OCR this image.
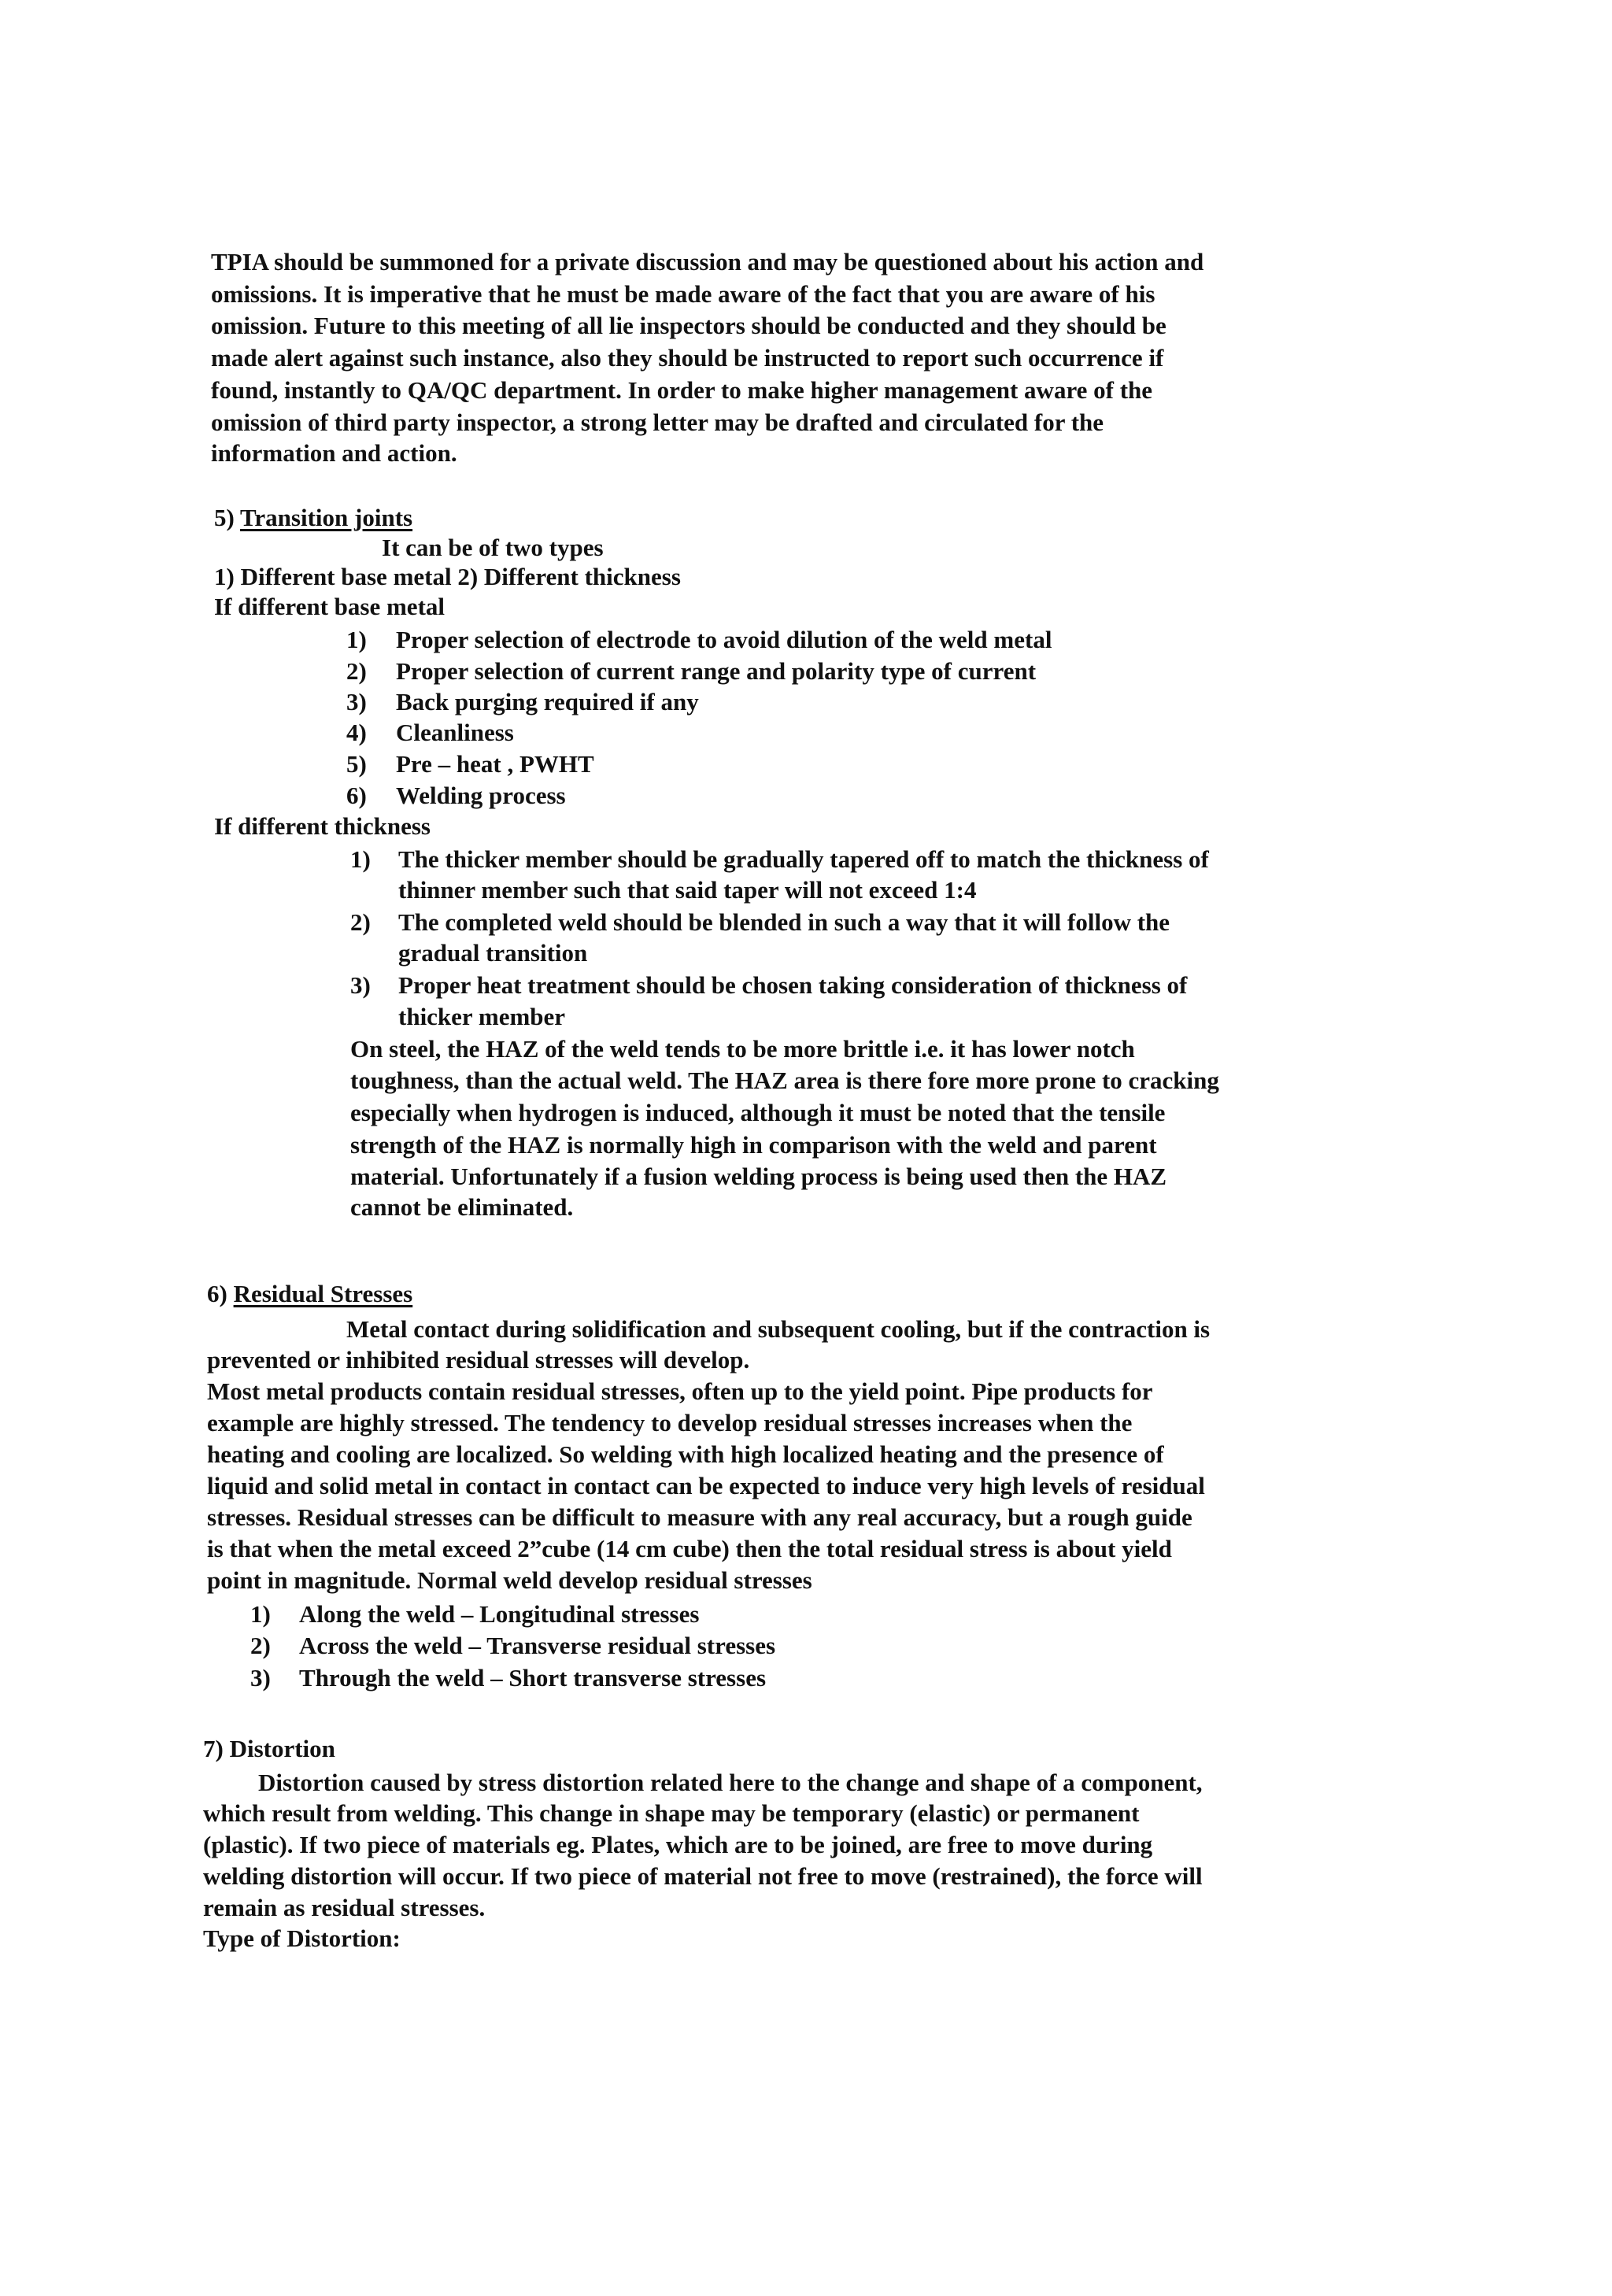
TPIA should be summoned for a private discussion and may be questioned about his action and
omissions. It is imperative that he must be made aware of the fact that you are aware of his
omission. Future to this meeting of all lie inspectors should be conducted and they should be
made alert against such instance, also they should be instructed to report such occurrence if
found, instantly to QA/QC department. In order to make higher management aware of the
omission of third party inspector, a strong letter may be drafted and circulated for the
information and action.
5) Transition joints
It can be of two types
1) Different base metal 2) Different thickness
If different base metal
1) Proper selection of electrode to avoid dilution of the weld metal
2) Proper selection of current range and polarity type of current
3) Back purging required if any
4) Cleanliness
5) Pre – heat , PWHT
6) Welding process
If different thickness
1) The thicker member should be gradually tapered off to match the thickness of
thinner member such that said taper will not exceed 1:4
2) The completed weld should be blended in such a way that it will follow the
gradual transition
3) Proper heat treatment should be chosen taking consideration of thickness of
thicker member
On steel, the HAZ of the weld tends to be more brittle i.e. it has lower notch
toughness, than the actual weld. The HAZ area is there fore more prone to cracking
especially when hydrogen is induced, although it must be noted that the tensile
strength of the HAZ is normally high in comparison with the weld and parent
material. Unfortunately if a fusion welding process is being used then the HAZ
cannot be eliminated.
6) Residual Stresses
Metal contact during solidification and subsequent cooling, but if the contraction is
prevented or inhibited residual stresses will develop.
Most metal products contain residual stresses, often up to the yield point. Pipe products for
example are highly stressed. The tendency to develop residual stresses increases when the
heating and cooling are localized. So welding with high localized heating and the presence of
liquid and solid metal in contact in contact can be expected to induce very high levels of residual
stresses. Residual stresses can be difficult to measure with any real accuracy, but a rough guide
is that when the metal exceed 2”cube (14 cm cube) then the total residual stress is about yield
point in magnitude. Normal weld develop residual stresses
1) Along the weld – Longitudinal stresses
2) Across the weld – Transverse residual stresses
3) Through the weld – Short transverse stresses
7) Distortion
Distortion caused by stress distortion related here to the change and shape of a component,
which result from welding. This change in shape may be temporary (elastic) or permanent
(plastic). If two piece of materials eg. Plates, which are to be joined, are free to move during
welding distortion will occur. If two piece of material not free to move (restrained), the force will
remain as residual stresses.
Type of Distortion:
